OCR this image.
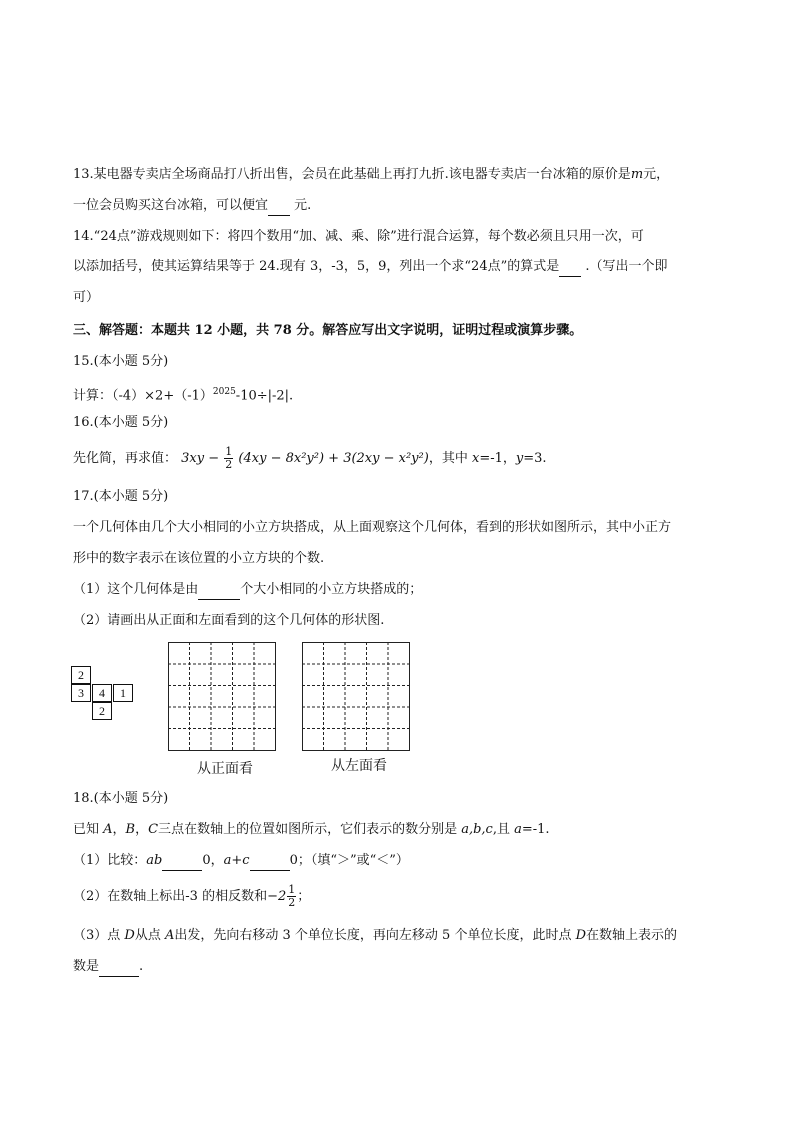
13.某电器专卖店全场商品打八折出售，会员在此基础上再打九折.该电器专卖店一台冰箱的原价是m元，
一位会员购买这台冰箱，可以便宜 元.
14.“24点”游戏规则如下：将四个数用“加、减、乘、除”进行混合运算，每个数必须且只用一次，可
以添加括号，使其运算结果等于 24.现有 3，-3，5，9，列出一个求“24点”的算式是 .（写出一个即
可）
三、解答题：本题共 12 小题，共 78 分。解答应写出文字说明，证明过程或演算步骤。
15.(本小题 5分)
计算：$(-4)\times 2+(-1)^{2025}-10\div|-2|$.
16.(本小题 5分)
先化简，再求值： $3xy - \frac{1}{2} (4xy - 8x^2y^2) + 3(2xy - x^2y^2)$，其中 x=-1，y=3.
17.(本小题 5分)
一个几何体由几个大小相同的小立方块搭成，从上面观察这个几何体，看到的形状如图所示，其中小正方
形中的数字表示在该位置的小立方块的个数.
（1）这个几何体是由	个大小相同的小立方块搭成的；
（2）请画出从正面和左面看到的这个几何体的形状图.
2
3	4	1
2
从正面看	从左面看
18.(本小题 5分)
已知 A，B，C三点在数轴上的位置如图所示，它们表示的数分别是 a,b,c,且 a=-1.
（1）比较：ab	0，a+c	0；（填“＞”或“＜”）
（2）在数轴上标出-3 的相反数和$-2 \frac{1}{2}$ ；
（3）点 D从点 A出发，先向右移动 3 个单位长度，再向左移动 5 个单位长度，此时点 D在数轴上表示的
数是	.
